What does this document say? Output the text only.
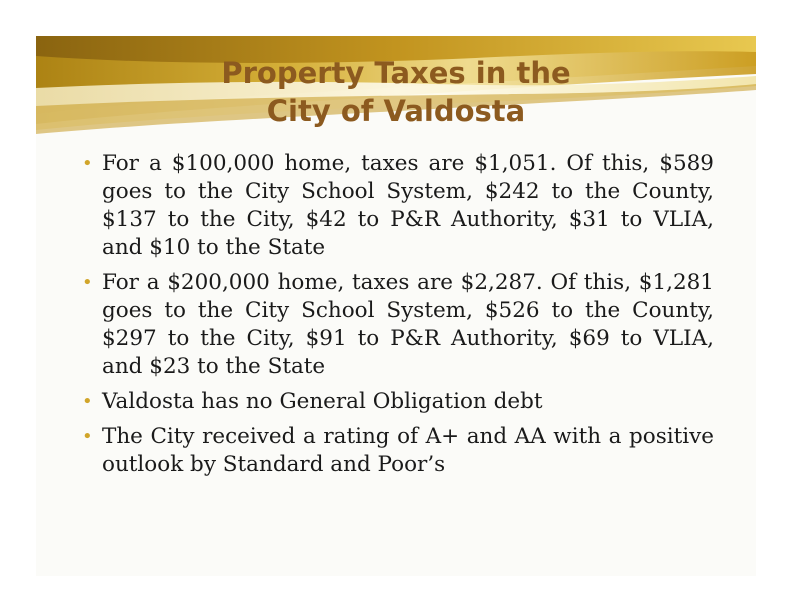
Property Taxes in the
City of Valdosta
• For a $100,000 home, taxes are $1,051. Of this, $589 goes to the City School System, $242 to the County, $137 to the City, $42 to P&R Authority, $31 to VLIA, and $10 to the State
• For a $200,000 home, taxes are $2,287. Of this, $1,281 goes to the City School System, $526 to the County, $297 to the City, $91 to P&R Authority, $69 to VLIA, and $23 to the State
• Valdosta has no General Obligation debt
• The City received a rating of A+ and AA with a positive outlook by Standard and Poor’s
